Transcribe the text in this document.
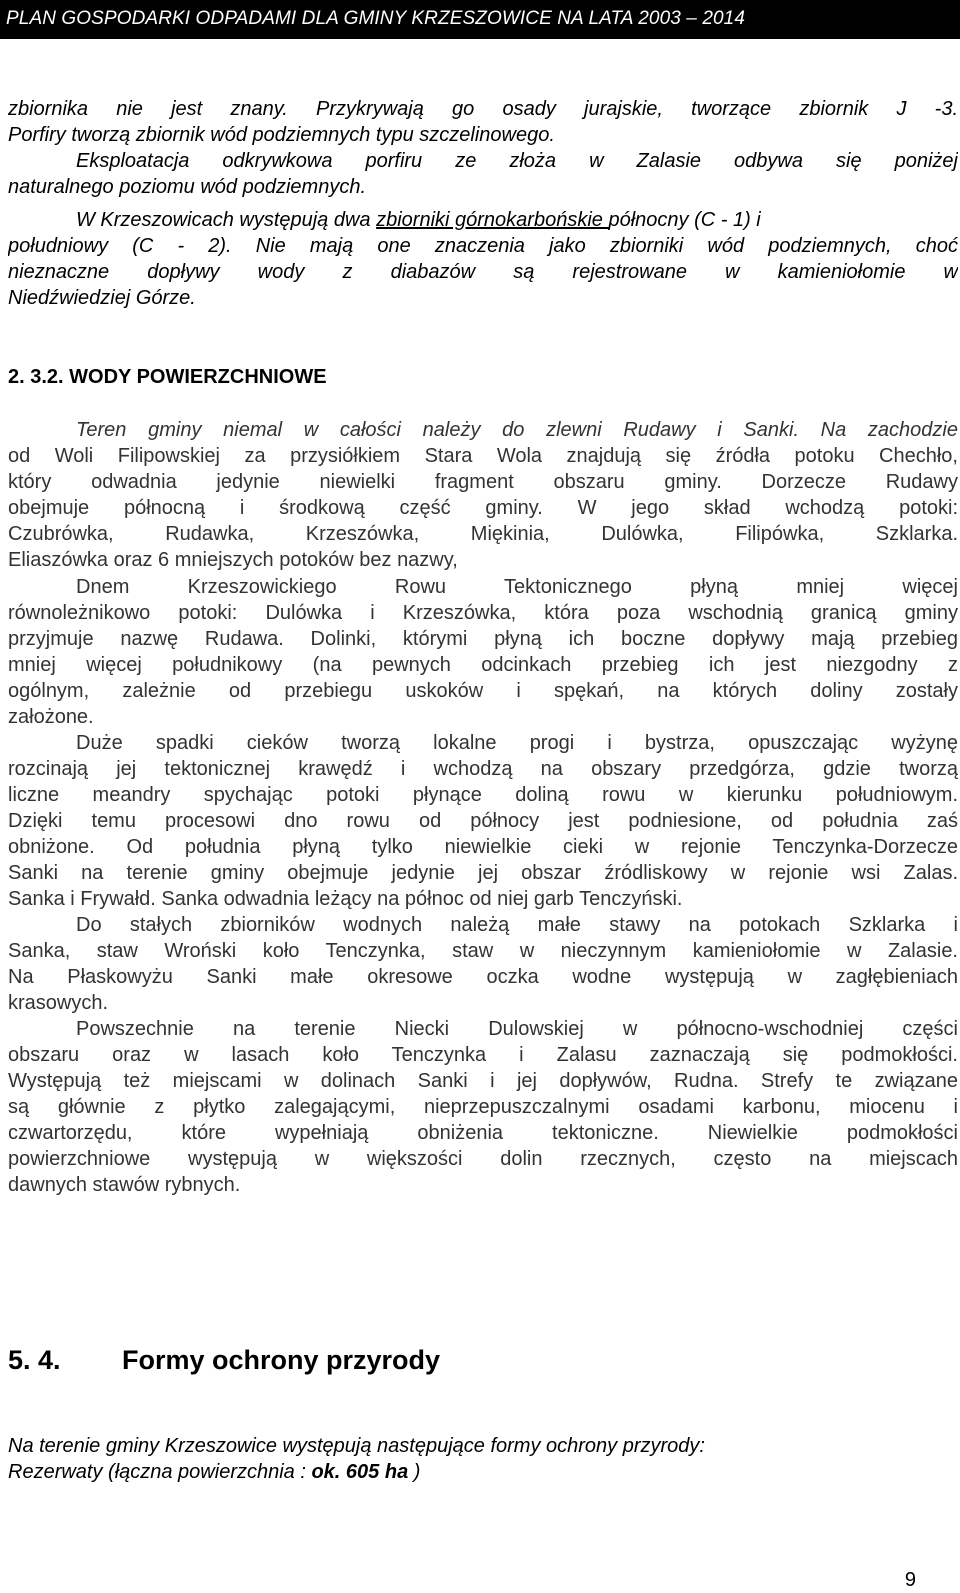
PLAN GOSPODARKI ODPADAMI DLA GMINY KRZESZOWICE NA LATA 2003 – 2014
zbiornika nie jest znany. Przykrywają go osady jurajskie, tworzące zbiornik J -3.
Porfiry tworzą zbiornik wód podziemnych typu szczelinowego.
Eksploatacja odkrywkowa porfiru ze złoża w Zalasie odbywa się poniżej
naturalnego poziomu wód podziemnych.
W Krzeszowicach występują dwa zbiorniki górnokarbońskie północny (C - 1) i
południowy (C - 2). Nie mają one znaczenia jako zbiorniki wód podziemnych, choć
nieznaczne dopływy wody z diabazów są rejestrowane w kamieniołomie w
Niedźwiedziej Górze.
2. 3.2. WODY POWIERZCHNIOWE
Teren gminy niemal w całości należy do zlewni Rudawy i Sanki. Na zachodzie
od Woli Filipowskiej za przysiółkiem Stara Wola znajdują się źródła potoku Chechło,
który odwadnia jedynie niewielki fragment obszaru gminy. Dorzecze Rudawy
obejmuje północną i środkową część gminy. W jego skład wchodzą potoki:
Czubrówka, Rudawka, Krzeszówka, Miękinia, Dulówka, Filipówka, Szklarka.
Eliaszówka oraz 6 mniejszych potoków bez nazwy,
Dnem Krzeszowickiego Rowu Tektonicznego płyną mniej więcej
równoleżnikowo potoki: Dulówka i Krzeszówka, która poza wschodnią granicą gminy
przyjmuje nazwę Rudawa. Dolinki, którymi płyną ich boczne dopływy mają przebieg
mniej więcej południkowy (na pewnych odcinkach przebieg ich jest niezgodny z
ogólnym, zależnie od przebiegu uskoków i spękań, na których doliny zostały
założone.
Duże spadki cieków tworzą lokalne progi i bystrza, opuszczając wyżynę
rozcinają jej tektonicznej krawędź i wchodzą na obszary przedgórza, gdzie tworzą
liczne meandry spychając potoki płynące doliną rowu w kierunku południowym.
Dzięki temu procesowi dno rowu od północy jest podniesione, od południa zaś
obniżone. Od południa płyną tylko niewielkie cieki w rejonie Tenczynka-Dorzecze
Sanki na terenie gminy obejmuje jedynie jej obszar źródliskowy w rejonie wsi Zalas.
Sanka i Frywałd. Sanka odwadnia leżący na północ od niej garb Tenczyński.
Do stałych zbiorników wodnych należą małe stawy na potokach Szklarka i
Sanka, staw Wroński koło Tenczynka, staw w nieczynnym kamieniołomie w Zalasie.
Na Płaskowyżu Sanki małe okresowe oczka wodne występują w zagłębieniach
krasowych.
Powszechnie na terenie Niecki Dulowskiej w północno-wschodniej części
obszaru oraz w lasach koło Tenczynka i Zalasu zaznaczają się podmokłości.
Występują też miejscami w dolinach Sanki i jej dopływów, Rudna. Strefy te związane
są głównie z płytko zalegającymi, nieprzepuszczalnymi osadami karbonu, miocenu i
czwartorzędu, które wypełniają obniżenia tektoniczne. Niewielkie podmokłości
powierzchniowe występują w większości dolin rzecznych, często na miejscach
dawnych stawów rybnych.
5. 4. Formy ochrony przyrody
Na terenie gminy Krzeszowice występują następujące formy ochrony przyrody:
Rezerwaty (łączna powierzchnia : ok. 605 ha )
9
